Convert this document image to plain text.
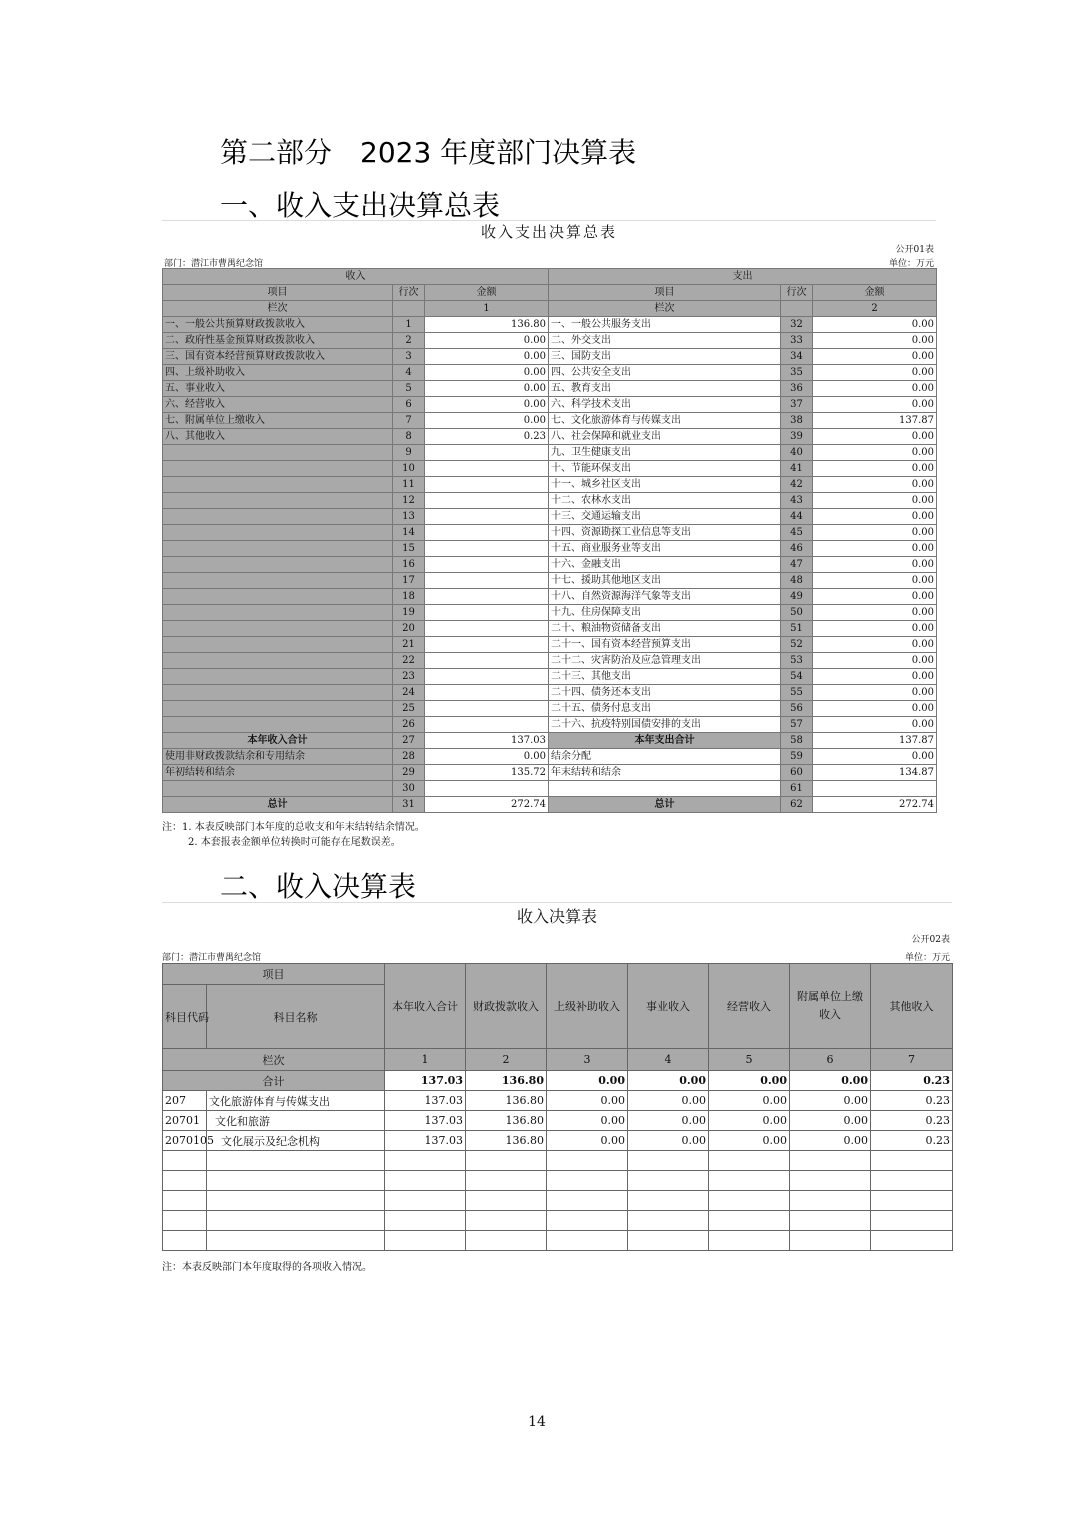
第二部分　2023 年度部门决算表
一、收入支出决算总表
收入支出决算总表
公开01表
部门：潜江市曹禺纪念馆	单位：万元
收入			支出		
项目	行次	金额	项目	行次	金额
栏次		1	栏次		2
一、一般公共预算财政拨款收入	1	136.80	一、一般公共服务支出	32	0.00
二、政府性基金预算财政拨款收入	2	0.00	二、外交支出	33	0.00
三、国有资本经营预算财政拨款收入	3	0.00	三、国防支出	34	0.00
四、上级补助收入	4	0.00	四、公共安全支出	35	0.00
五、事业收入	5	0.00	五、教育支出	36	0.00
六、经营收入	6	0.00	六、科学技术支出	37	0.00
七、附属单位上缴收入	7	0.00	七、文化旅游体育与传媒支出	38	137.87
八、其他收入	8	0.23	八、社会保障和就业支出	39	0.00
	9		九、卫生健康支出	40	0.00
	10		十、节能环保支出	41	0.00
	11		十一、城乡社区支出	42	0.00
	12		十二、农林水支出	43	0.00
	13		十三、交通运输支出	44	0.00
	14		十四、资源勘探工业信息等支出	45	0.00
	15		十五、商业服务业等支出	46	0.00
	16		十六、金融支出	47	0.00
	17		十七、援助其他地区支出	48	0.00
	18		十八、自然资源海洋气象等支出	49	0.00
	19		十九、住房保障支出	50	0.00
	20		二十、粮油物资储备支出	51	0.00
	21		二十一、国有资本经营预算支出	52	0.00
	22		二十二、灾害防治及应急管理支出	53	0.00
	23		二十三、其他支出	54	0.00
	24		二十四、债务还本支出	55	0.00
	25		二十五、债务付息支出	56	0.00
	26		二十六、抗疫特别国债安排的支出	57	0.00
本年收入合计	27	137.03	本年支出合计	58	137.87
使用非财政拨款结余和专用结余	28	0.00	结余分配	59	0.00
年初结转和结余	29	135.72	年末结转和结余	60	134.87
	30			61	
总计	31	272.74	总计	62	272.74
注：1. 本表反映部门本年度的总收支和年末结转结余情况。
2. 本套报表金额单位转换时可能存在尾数误差。
二、收入决算表
收入决算表
公开02表
部门：潜江市曹禺纪念馆	单位：万元
项目		本年收入合计	财政拨款收入	上级补助收入	事业收入	经营收入	附属单位上缴收入	其他收入
科目代码	科目名称							
栏次		1	2	3	4	5	6	7
合计		137.03	136.80	0.00	0.00	0.00	0.00	0.23
207	文化旅游体育与传媒支出	137.03	136.80	0.00	0.00	0.00	0.00	0.23
20701	文化和旅游	137.03	136.80	0.00	0.00	0.00	0.00	0.23
2070105	文化展示及纪念机构	137.03	136.80	0.00	0.00	0.00	0.00	0.23

注：本表反映部门本年度取得的各项收入情况。
14
